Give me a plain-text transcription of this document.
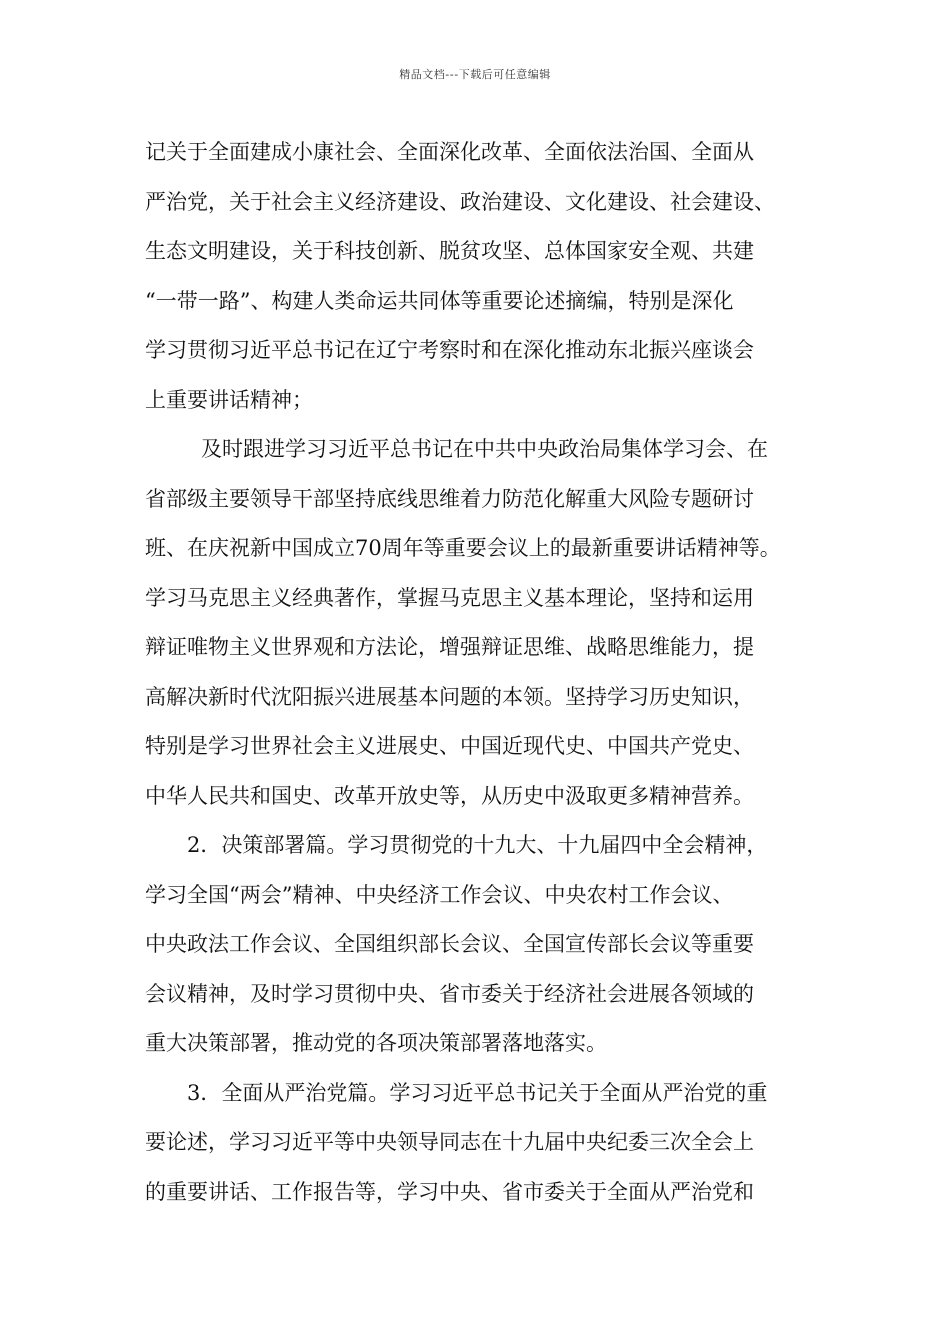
精品文档---下载后可任意编辑
记关于全面建成小康社会、全面深化改革、全面依法治国、全面从
严治党，关于社会主义经济建设、政治建设、文化建设、社会建设、
生态文明建设，关于科技创新、脱贫攻坚、总体国家安全观、共建
“一带一路”、构建人类命运共同体等重要论述摘编，特别是深化
学习贯彻习近平总书记在辽宁考察时和在深化推动东北振兴座谈会
上重要讲话精神；
及时跟进学习习近平总书记在中共中央政治局集体学习会、在
省部级主要领导干部坚持底线思维着力防范化解重大风险专题研讨
班、在庆祝新中国成立70周年等重要会议上的最新重要讲话精神等。
学习马克思主义经典著作，掌握马克思主义基本理论，坚持和运用
辩证唯物主义世界观和方法论，增强辩证思维、战略思维能力，提
高解决新时代沈阳振兴进展基本问题的本领。坚持学习历史知识，
特别是学习世界社会主义进展史、中国近现代史、中国共产党史、
中华人民共和国史、改革开放史等，从历史中汲取更多精神营养。
2．决策部署篇。学习贯彻党的十九大、十九届四中全会精神，
学习全国“两会”精神、中央经济工作会议、中央农村工作会议、
中央政法工作会议、全国组织部长会议、全国宣传部长会议等重要
会议精神，及时学习贯彻中央、省市委关于经济社会进展各领域的
重大决策部署，推动党的各项决策部署落地落实。
3．全面从严治党篇。学习习近平总书记关于全面从严治党的重
要论述，学习习近平等中央领导同志在十九届中央纪委三次全会上
的重要讲话、工作报告等，学习中央、省市委关于全面从严治党和
